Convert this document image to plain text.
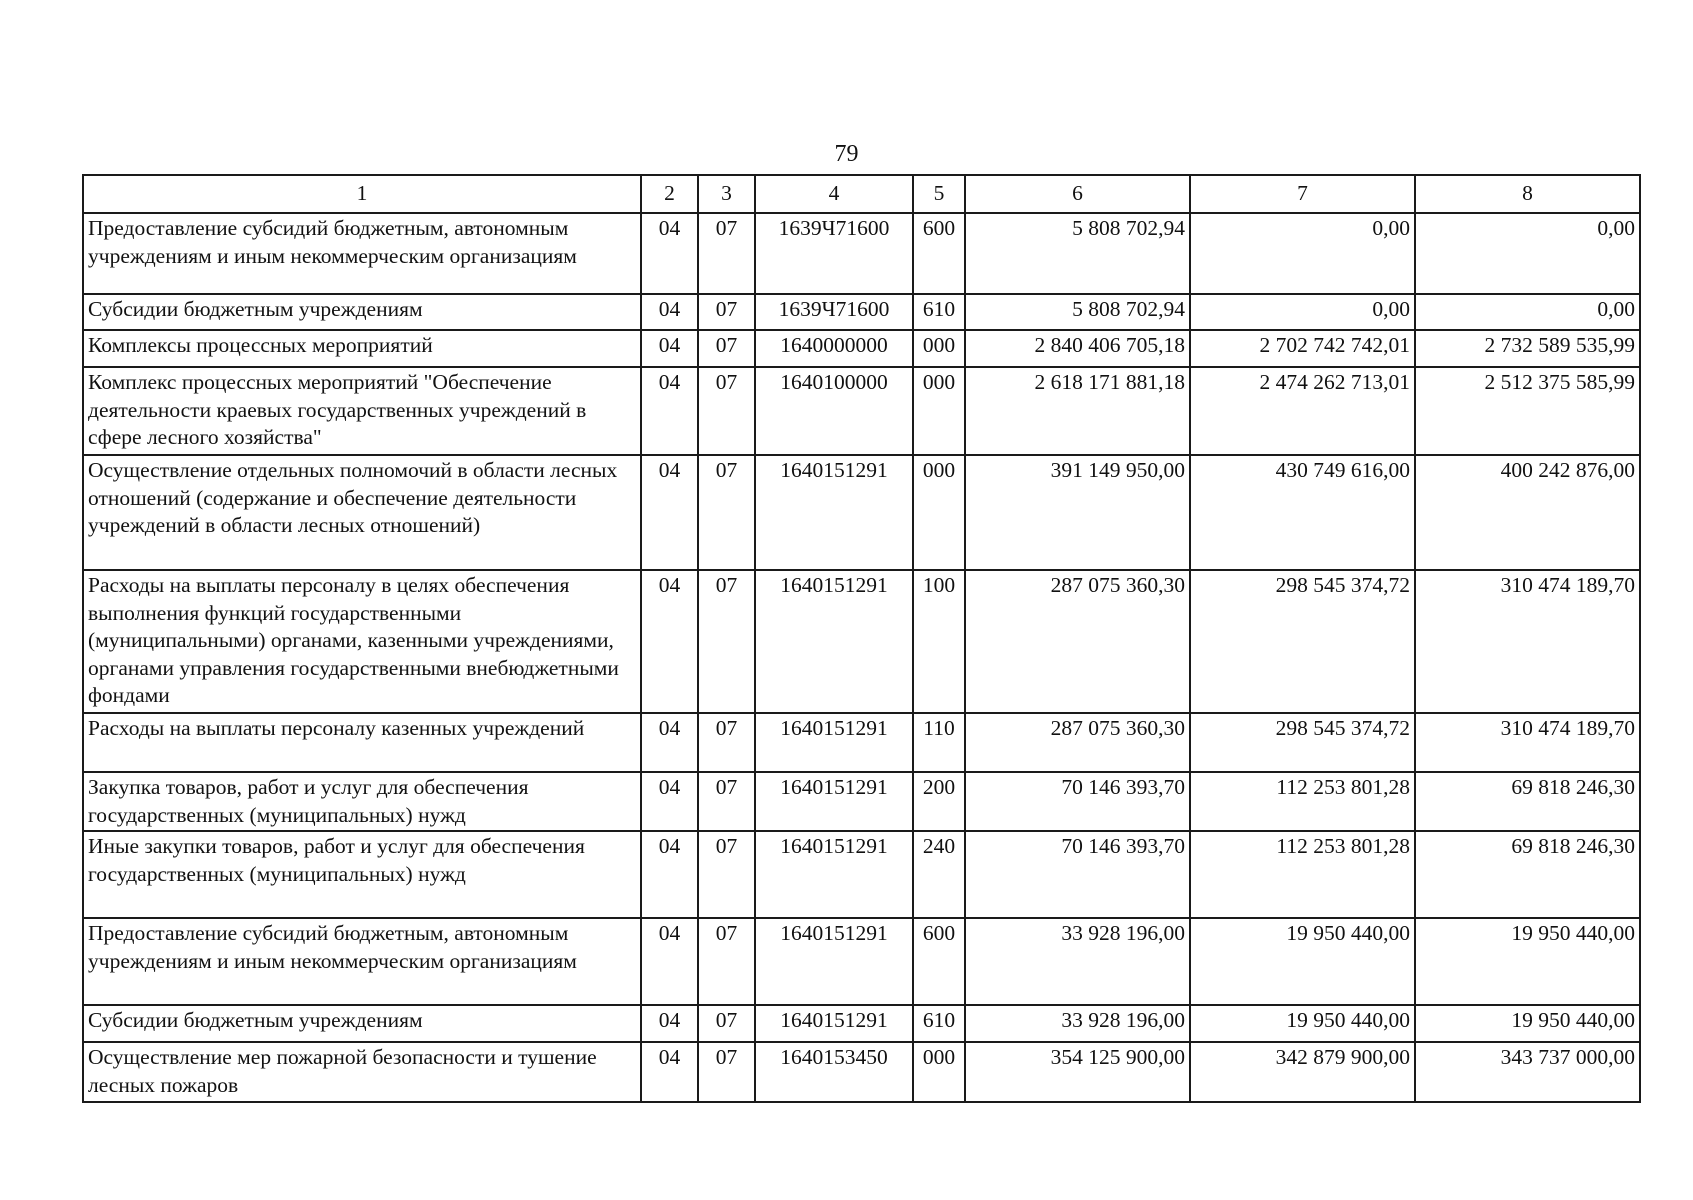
79
1	2	3	4	5	6	7	8
Предоставление субсидий бюджетным, автономным учреждениям и иным некоммерческим организациям	04	07	1639Ч71600	600	5 808 702,94	0,00	0,00
Субсидии бюджетным учреждениям	04	07	1639Ч71600	610	5 808 702,94	0,00	0,00
Комплексы процессных мероприятий	04	07	1640000000	000	2 840 406 705,18	2 702 742 742,01	2 732 589 535,99
Комплекс процессных мероприятий "Обеспечение деятельности краевых государственных учреждений в сфере лесного хозяйства"	04	07	1640100000	000	2 618 171 881,18	2 474 262 713,01	2 512 375 585,99
Осуществление отдельных полномочий в области лесных отношений (содержание и обеспечение деятельности учреждений в области лесных отношений)	04	07	1640151291	000	391 149 950,00	430 749 616,00	400 242 876,00
Расходы на выплаты персоналу в целях обеспечения выполнения функций государственными (муниципальными) органами, казенными учреждениями, органами управления государственными внебюджетными фондами	04	07	1640151291	100	287 075 360,30	298 545 374,72	310 474 189,70
Расходы на выплаты персоналу казенных учреждений	04	07	1640151291	110	287 075 360,30	298 545 374,72	310 474 189,70
Закупка товаров, работ и услуг для обеспечения государственных (муниципальных) нужд	04	07	1640151291	200	70 146 393,70	112 253 801,28	69 818 246,30
Иные закупки товаров, работ и услуг для обеспечения государственных (муниципальных) нужд	04	07	1640151291	240	70 146 393,70	112 253 801,28	69 818 246,30
Предоставление субсидий бюджетным, автономным учреждениям и иным некоммерческим организациям	04	07	1640151291	600	33 928 196,00	19 950 440,00	19 950 440,00
Субсидии бюджетным учреждениям	04	07	1640151291	610	33 928 196,00	19 950 440,00	19 950 440,00
Осуществление мер пожарной безопасности и тушение лесных пожаров	04	07	1640153450	000	354 125 900,00	342 879 900,00	343 737 000,00
